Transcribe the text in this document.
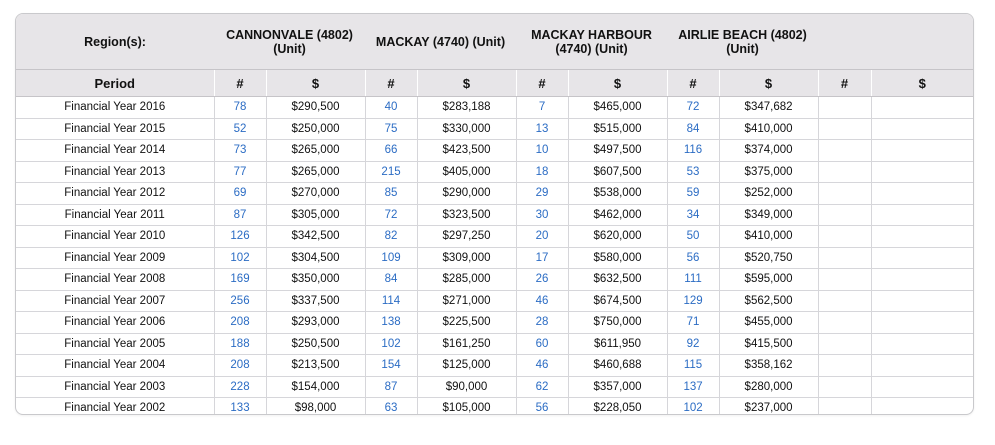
Region(s):	CANNONVALE (4802) (Unit)		MACKAY (4740) (Unit)		MACKAY HARBOUR (4740) (Unit)		AIRLIE BEACH (4802) (Unit)			
Period	#	$	#	$	#	$	#	$	#	$
Financial Year 2016	78	$290,500	40	$283,188	7	$465,000	72	$347,682		
Financial Year 2015	52	$250,000	75	$330,000	13	$515,000	84	$410,000		
Financial Year 2014	73	$265,000	66	$423,500	10	$497,500	116	$374,000		
Financial Year 2013	77	$265,000	215	$405,000	18	$607,500	53	$375,000		
Financial Year 2012	69	$270,000	85	$290,000	29	$538,000	59	$252,000		
Financial Year 2011	87	$305,000	72	$323,500	30	$462,000	34	$349,000		
Financial Year 2010	126	$342,500	82	$297,250	20	$620,000	50	$410,000		
Financial Year 2009	102	$304,500	109	$309,000	17	$580,000	56	$520,750		
Financial Year 2008	169	$350,000	84	$285,000	26	$632,500	111	$595,000		
Financial Year 2007	256	$337,500	114	$271,000	46	$674,500	129	$562,500		
Financial Year 2006	208	$293,000	138	$225,500	28	$750,000	71	$455,000		
Financial Year 2005	188	$250,500	102	$161,250	60	$611,950	92	$415,500		
Financial Year 2004	208	$213,500	154	$125,000	46	$460,688	115	$358,162		
Financial Year 2003	228	$154,000	87	$90,000	62	$357,000	137	$280,000		
Financial Year 2002	133	$98,000	63	$105,000	56	$228,050	102	$237,000		
